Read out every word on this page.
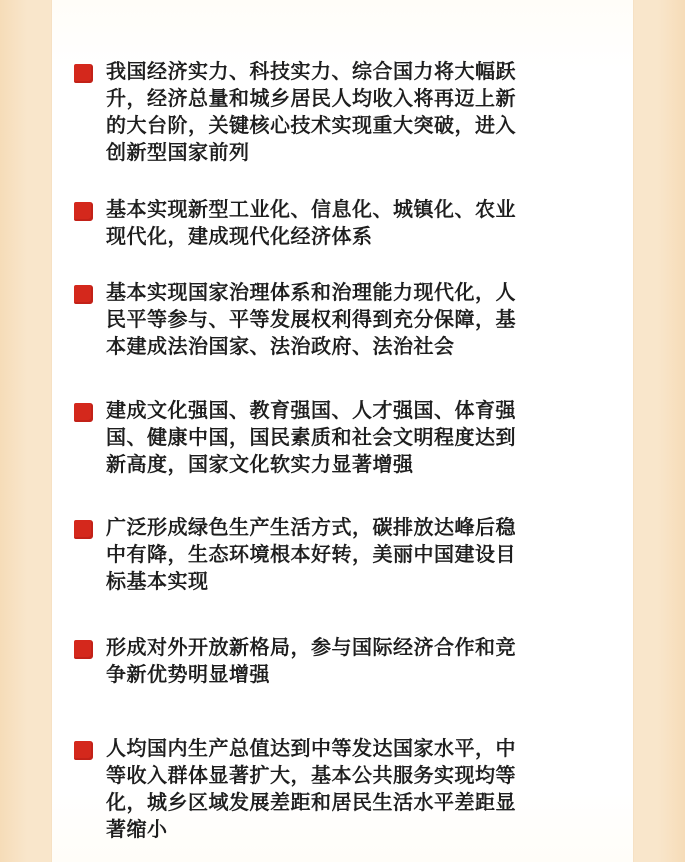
我国经济实力、科技实力、综合国力将大幅跃
升，经济总量和城乡居民人均收入将再迈上新
的大台阶，关键核心技术实现重大突破，进入
创新型国家前列
基本实现新型工业化、信息化、城镇化、农业
现代化，建成现代化经济体系
基本实现国家治理体系和治理能力现代化，人
民平等参与、平等发展权利得到充分保障，基
本建成法治国家、法治政府、法治社会
建成文化强国、教育强国、人才强国、体育强
国、健康中国，国民素质和社会文明程度达到
新高度，国家文化软实力显著增强
广泛形成绿色生产生活方式，碳排放达峰后稳
中有降，生态环境根本好转，美丽中国建设目
标基本实现
形成对外开放新格局，参与国际经济合作和竞
争新优势明显增强
人均国内生产总值达到中等发达国家水平，中
等收入群体显著扩大，基本公共服务实现均等
化，城乡区域发展差距和居民生活水平差距显
著缩小
